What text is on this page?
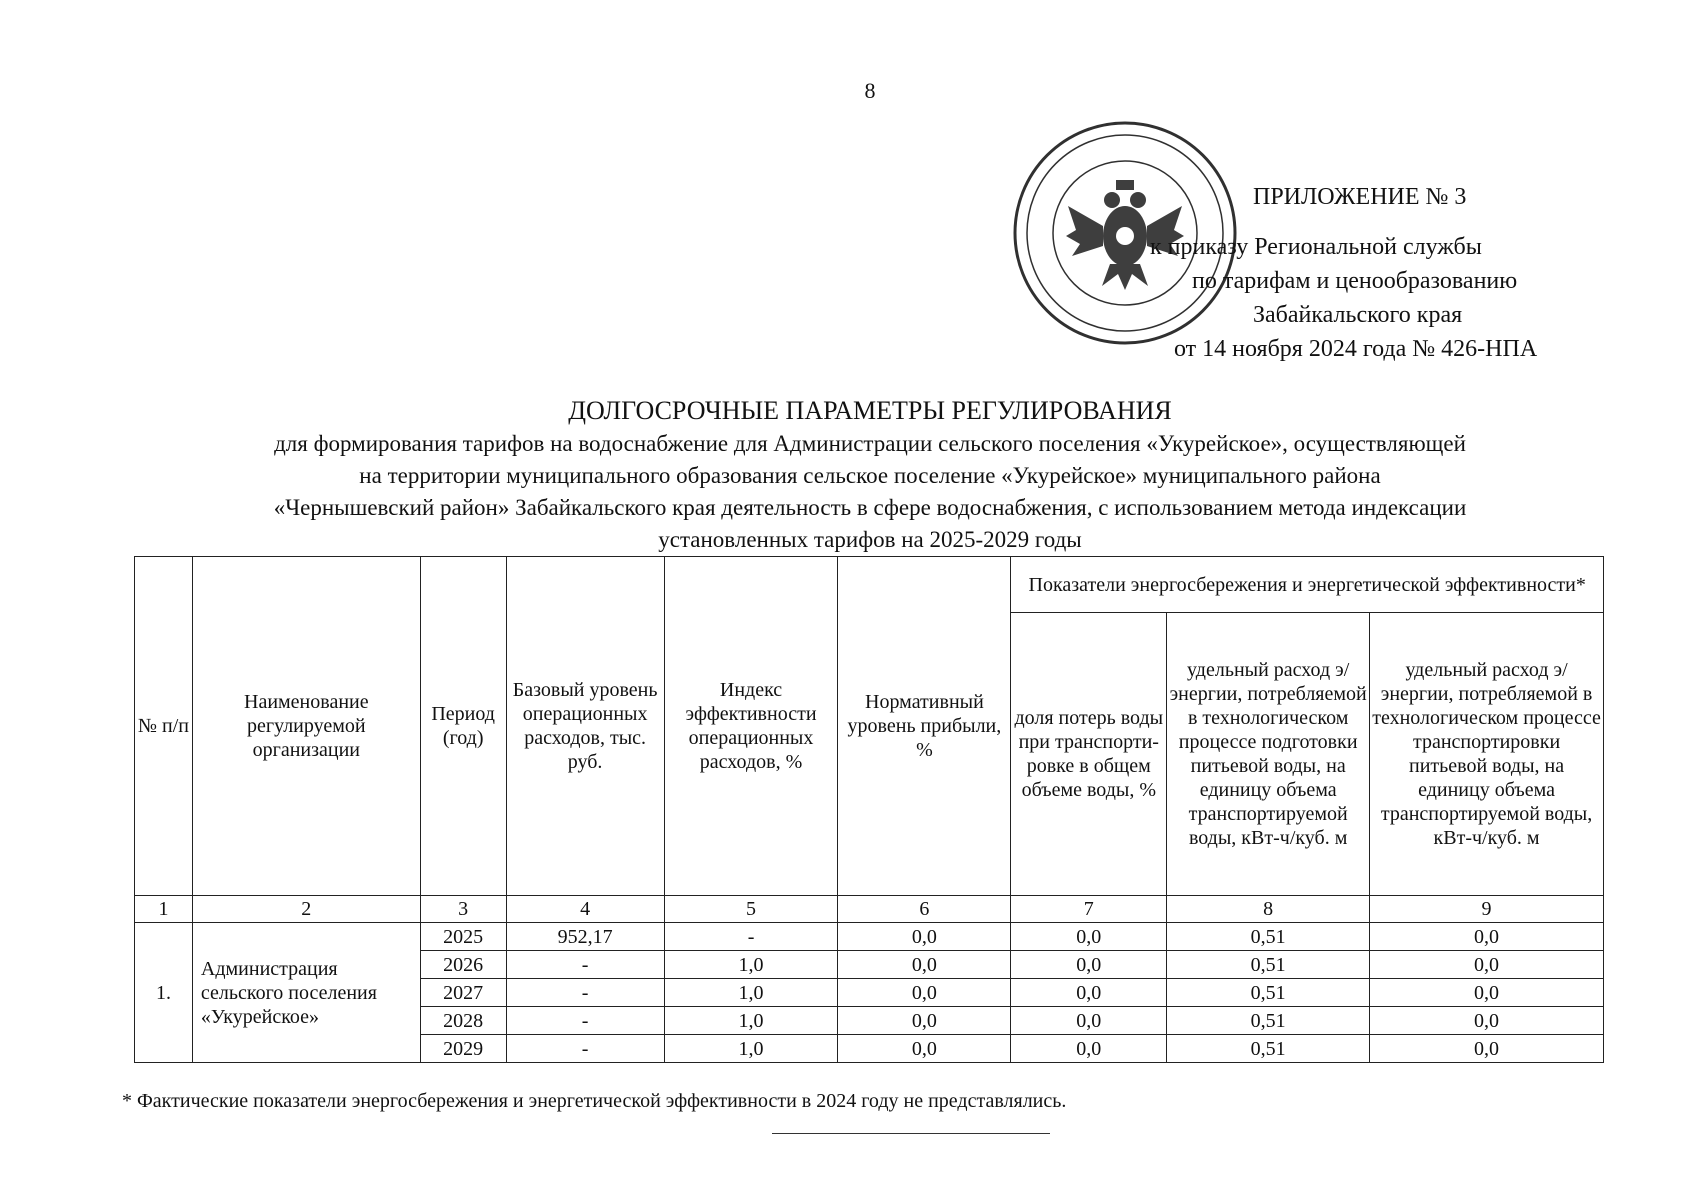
8
ПРИЛОЖЕНИЕ № 3
к приказу Региональной службы
по тарифам и ценообразованию
Забайкальского края
от 14 ноября 2024 года № 426-НПА
ДОЛГОСРОЧНЫЕ ПАРАМЕТРЫ РЕГУЛИРОВАНИЯ
для формирования тарифов на водоснабжение для Администрации сельского поселения «Укурейское», осуществляющей
на территории муниципального образования сельское поселение «Укурейское» муниципального района
«Чернышевский район» Забайкальского края деятельность в сфере водоснабжения, с использованием метода индексации
установленных тарифов на 2025-2029 годы
№ п/п	Наименование регулируемой организации	Период (год)	Базовый уровень операционных расходов, тыс. руб.	Индекс эффективности операционных расходов, %	Нормативный уровень прибыли, %	Показатели энергосбережения и энергетической эффективности*		
						доля потерь воды при транспорти-ровке в общем объеме воды, %	удельный расход э/энергии, потребляемой в технологическом процессе подготовки питьевой воды, на единицу объема транспортируемой воды, кВт-ч/куб. м	удельный расход э/энергии, потребляемой в технологическом процессе транспортировки питьевой воды, на единицу объема транспортируемой воды, кВт-ч/куб. м
1	2	3	4	5	6	7	8	9
1.	Администрация сельского поселения «Укурейское»	2025	952,17	-	0,0	0,0	0,51	0,0
		2026	-	1,0	0,0	0,0	0,51	0,0
		2027	-	1,0	0,0	0,0	0,51	0,0
		2028	-	1,0	0,0	0,0	0,51	0,0
		2029	-	1,0	0,0	0,0	0,51	0,0
* Фактические показатели энергосбережения и энергетической эффективности в 2024 году не представлялись.
